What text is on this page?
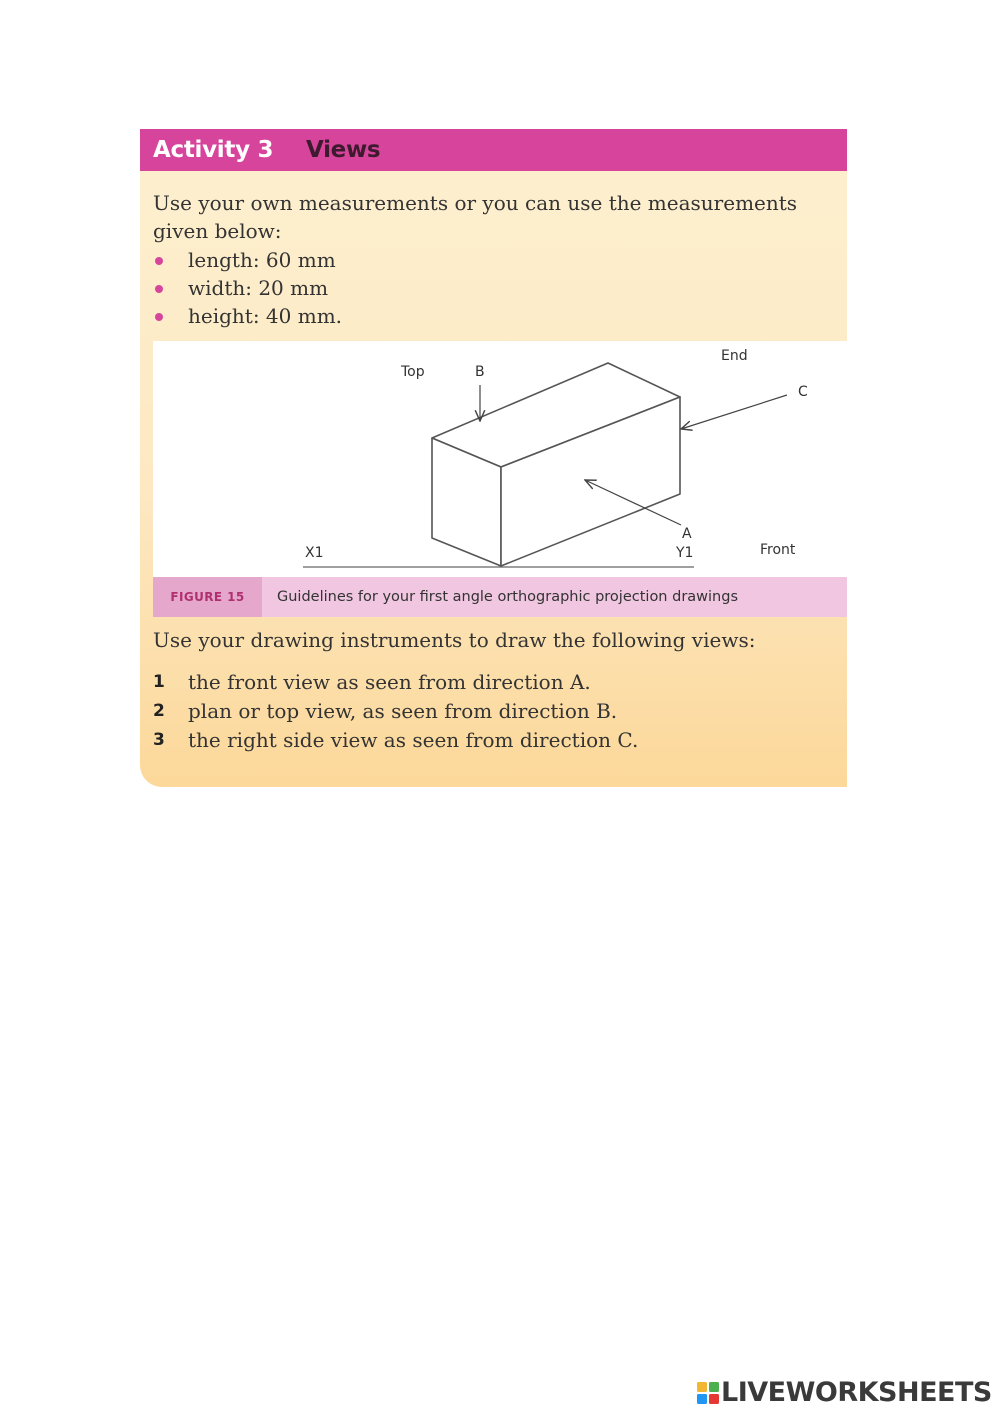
Activity 3 Views

Use your own measurements or you can use the measurements given below:

length: 60 mm
width: 20 mm
height: 40 mm.
Top	B
End
C
A
X1	Y1	Front
FIGURE 15	Guidelines for your first angle orthographic projection drawings

Use your drawing instruments to draw the following views:

1 the front view as seen from direction A.
2 plan or top view, as seen from direction B.
3 the right side view as seen from direction C.
LIVEWORKSHEETS
